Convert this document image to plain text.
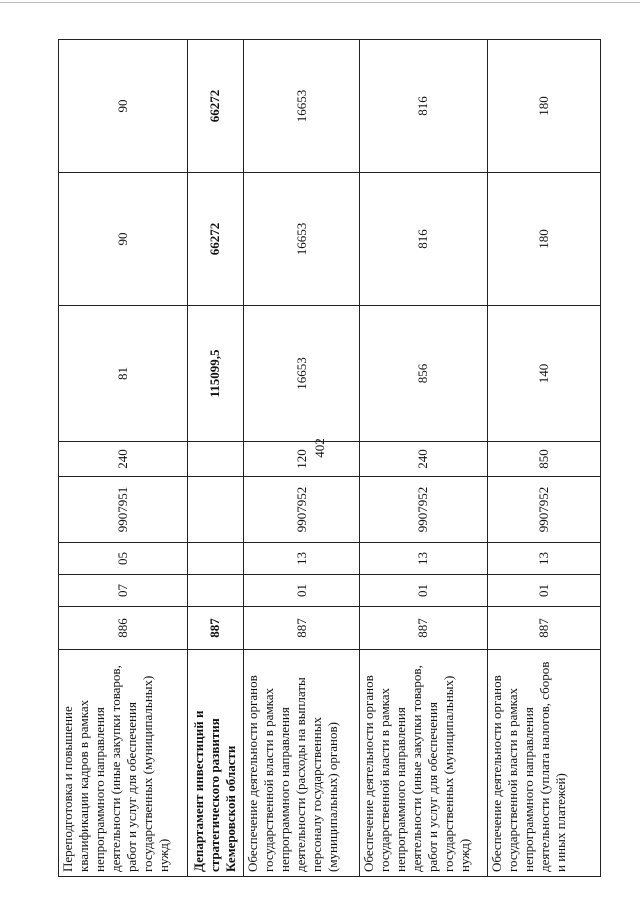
402
Переподготовка и повышение квалификации кадров в рамках непрограммного направления деятельности (иные закупки товаров, работ и услуг для обеспечения государственных (муниципальных) нужд)	886	07	05	9907951	240	81	90	90
Департамент инвестиций и стратегического развития Кемеровской области	887					115099,5	66272	66272
Обеспечение деятельности органов государственной власти в рамках непрограммного направления деятельности (расходы на выплаты персоналу государственных (муниципальных) органов)	887	01	13	9907952	120	16653	16653	16653
Обеспечение деятельности органов государственной власти в рамках непрограммного направления деятельности (иные закупки товаров, работ и услуг для обеспечения государственных (муниципальных) нужд)	887	01	13	9907952	240	856	816	816
Обеспечение деятельности органов государственной власти в рамках непрограммного направления деятельности (уплата налогов, сборов и иных платежей)	887	01	13	9907952	850	140	180	180
